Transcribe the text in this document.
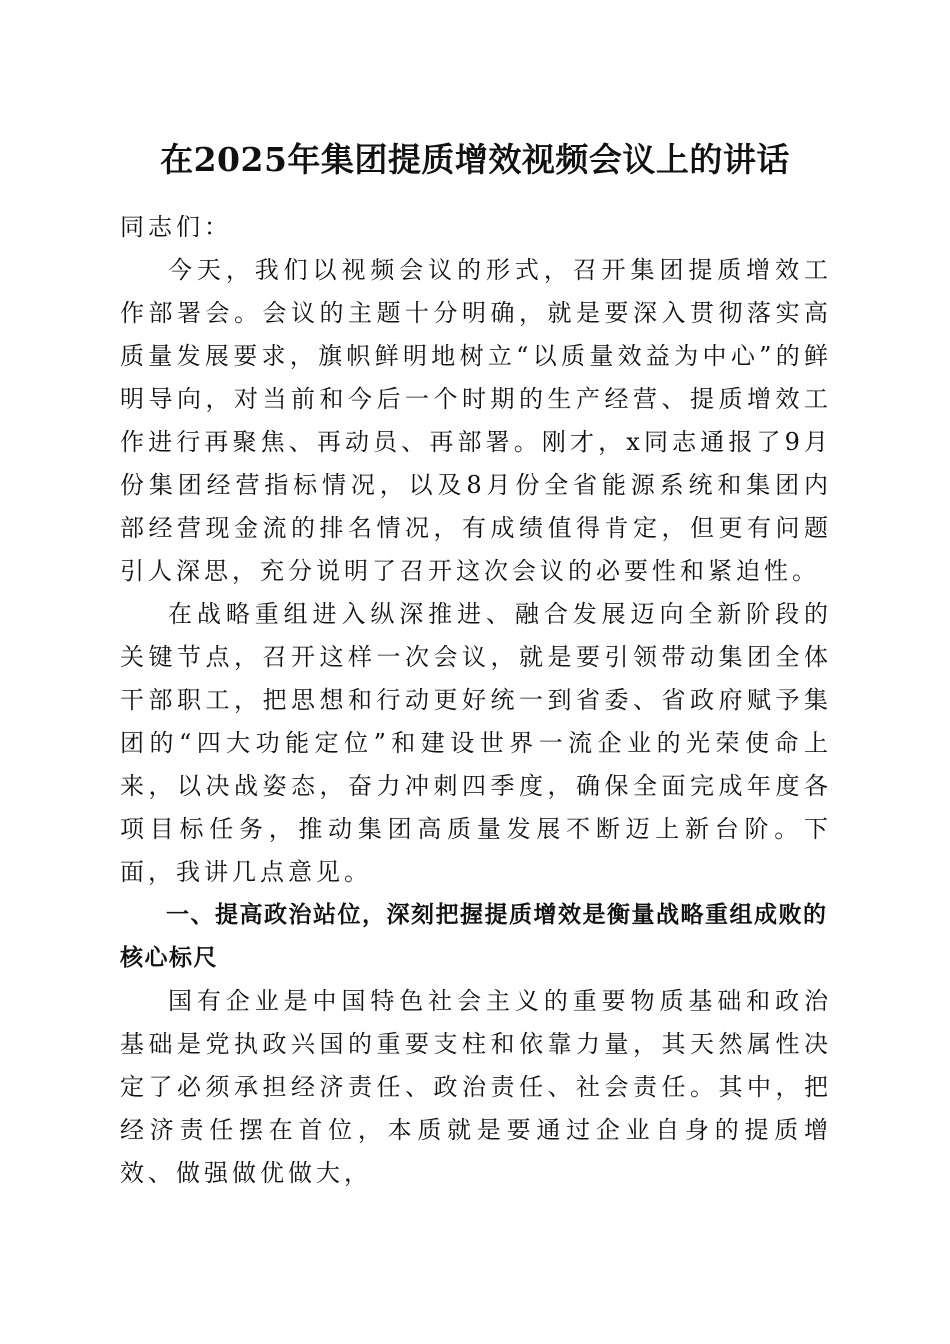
在2025年集团提质增效视频会议上的讲话

同志们：

今天，我们以视频会议的形式，召开集团提质增效工作部署会。会议的主题十分明确，就是要深入贯彻落实高质量发展要求，旗帜鲜明地树立“以质量效益为中心”的鲜明导向，对当前和今后一个时期的生产经营、提质增效工作进行再聚焦、再动员、再部署。刚才，x同志通报了9月份集团经营指标情况，以及8月份全省能源系统和集团内部经营现金流的排名情况，有成绩值得肯定，但更有问题引人深思，充分说明了召开这次会议的必要性和紧迫性。

在战略重组进入纵深推进、融合发展迈向全新阶段的关键节点，召开这样一次会议，就是要引领带动集团全体干部职工，把思想和行动更好统一到省委、省政府赋予集团的“四大功能定位”和建设世界一流企业的光荣使命上来，以决战姿态，奋力冲刺四季度，确保全面完成年度各项目标任务，推动集团高质量发展不断迈上新台阶。下面，我讲几点意见。

一、提高政治站位，深刻把握提质增效是衡量战略重组成败的核心标尺

国有企业是中国特色社会主义的重要物质基础和政治基础是党执政兴国的重要支柱和依靠力量，其天然属性决定了必须承担经济责任、政治责任、社会责任。其中，把经济责任摆在首位，本质就是要通过企业自身的提质增效、做强做优做大，
